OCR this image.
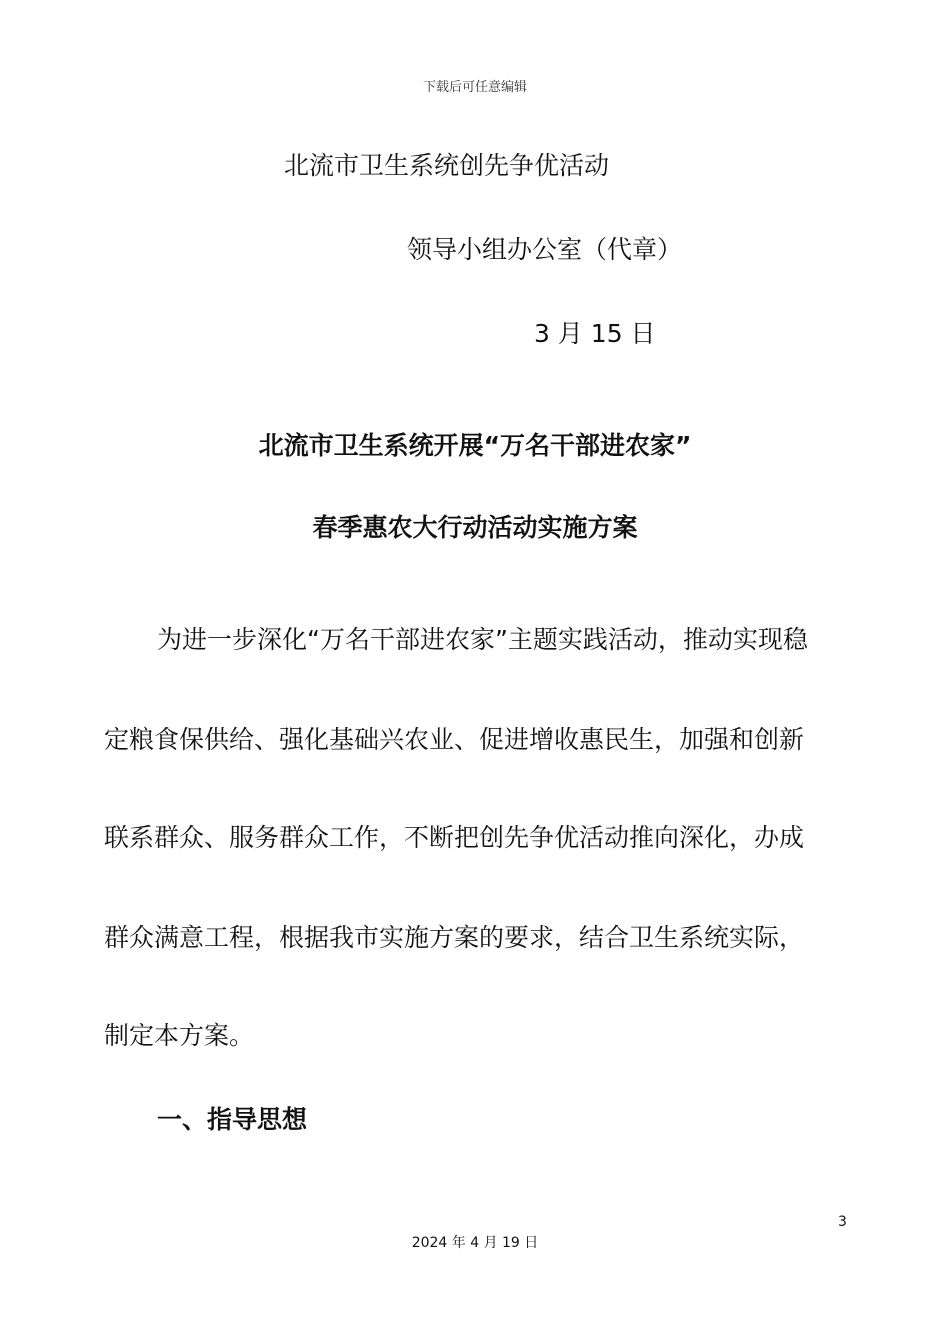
下载后可任意编辑
北流市卫生系统创先争优活动
领导小组办公室（代章）
3 月 15 日
北流市卫生系统开展“万名干部进农家”
春季惠农大行动活动实施方案
为进一步深化“万名干部进农家”主题实践活动，推动实现稳
定粮食保供给、强化基础兴农业、促进增收惠民生，加强和创新
联系群众、服务群众工作，不断把创先争优活动推向深化，办成
群众满意工程，根据我市实施方案的要求，结合卫生系统实际，
制定本方案。
一、指导思想
3
2024 年 4 月 19 日
